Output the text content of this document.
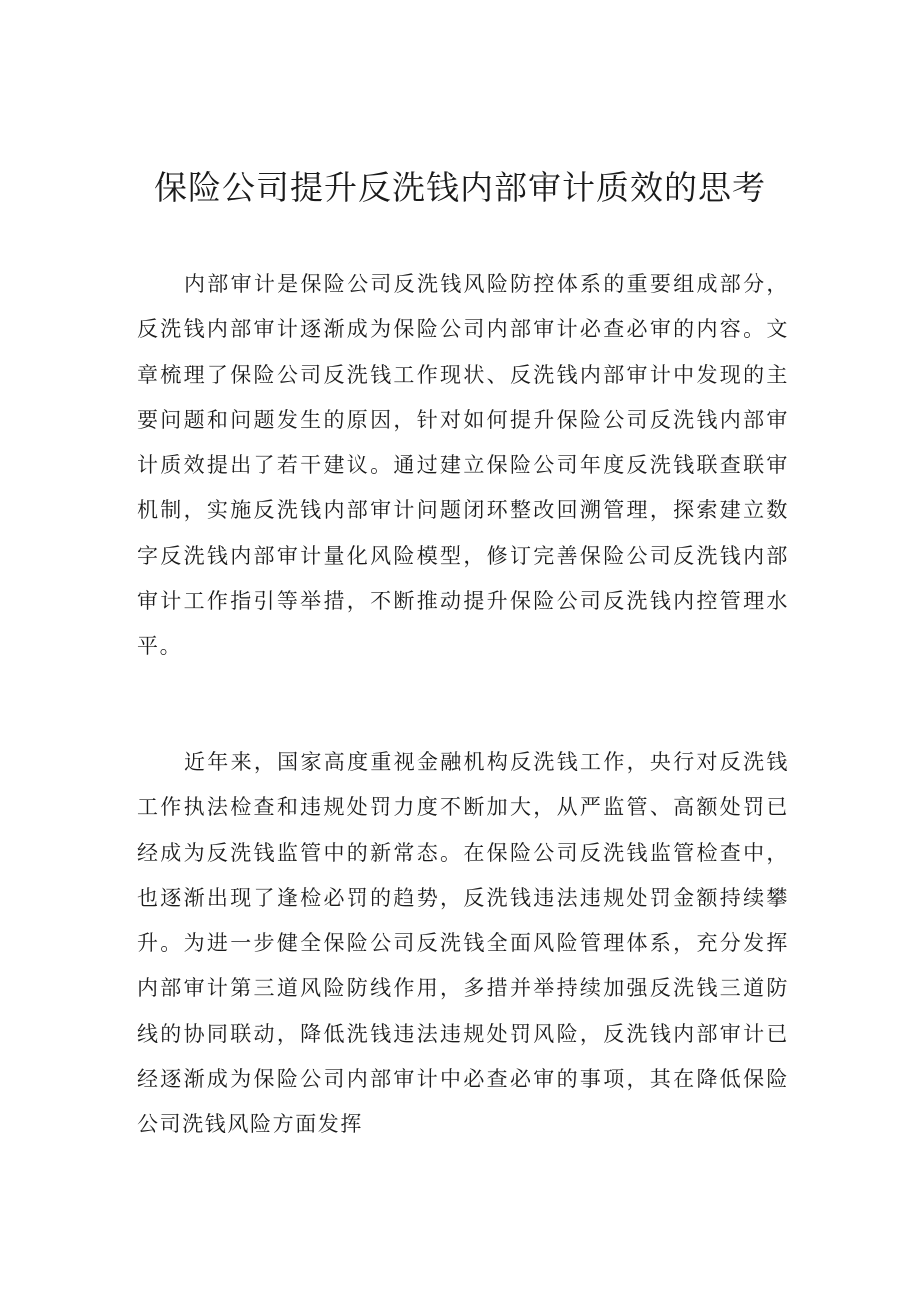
保险公司提升反洗钱内部审计质效的思考

内部审计是保险公司反洗钱风险防控体系的重要组成部分，反洗钱内部审计逐渐成为保险公司内部审计必查必审的内容。文章梳理了保险公司反洗钱工作现状、反洗钱内部审计中发现的主要问题和问题发生的原因，针对如何提升保险公司反洗钱内部审计质效提出了若干建议。通过建立保险公司年度反洗钱联查联审机制，实施反洗钱内部审计问题闭环整改回溯管理，探索建立数字反洗钱内部审计量化风险模型，修订完善保险公司反洗钱内部审计工作指引等举措，不断推动提升保险公司反洗钱内控管理水平。

近年来，国家高度重视金融机构反洗钱工作，央行对反洗钱工作执法检查和违规处罚力度不断加大，从严监管、高额处罚已经成为反洗钱监管中的新常态。在保险公司反洗钱监管检查中，也逐渐出现了逢检必罚的趋势，反洗钱违法违规处罚金额持续攀升。为进一步健全保险公司反洗钱全面风险管理体系，充分发挥内部审计第三道风险防线作用，多措并举持续加强反洗钱三道防线的协同联动，降低洗钱违法违规处罚风险，反洗钱内部审计已经逐渐成为保险公司内部审计中必查必审的事项，其在降低保险公司洗钱风险方面发挥
